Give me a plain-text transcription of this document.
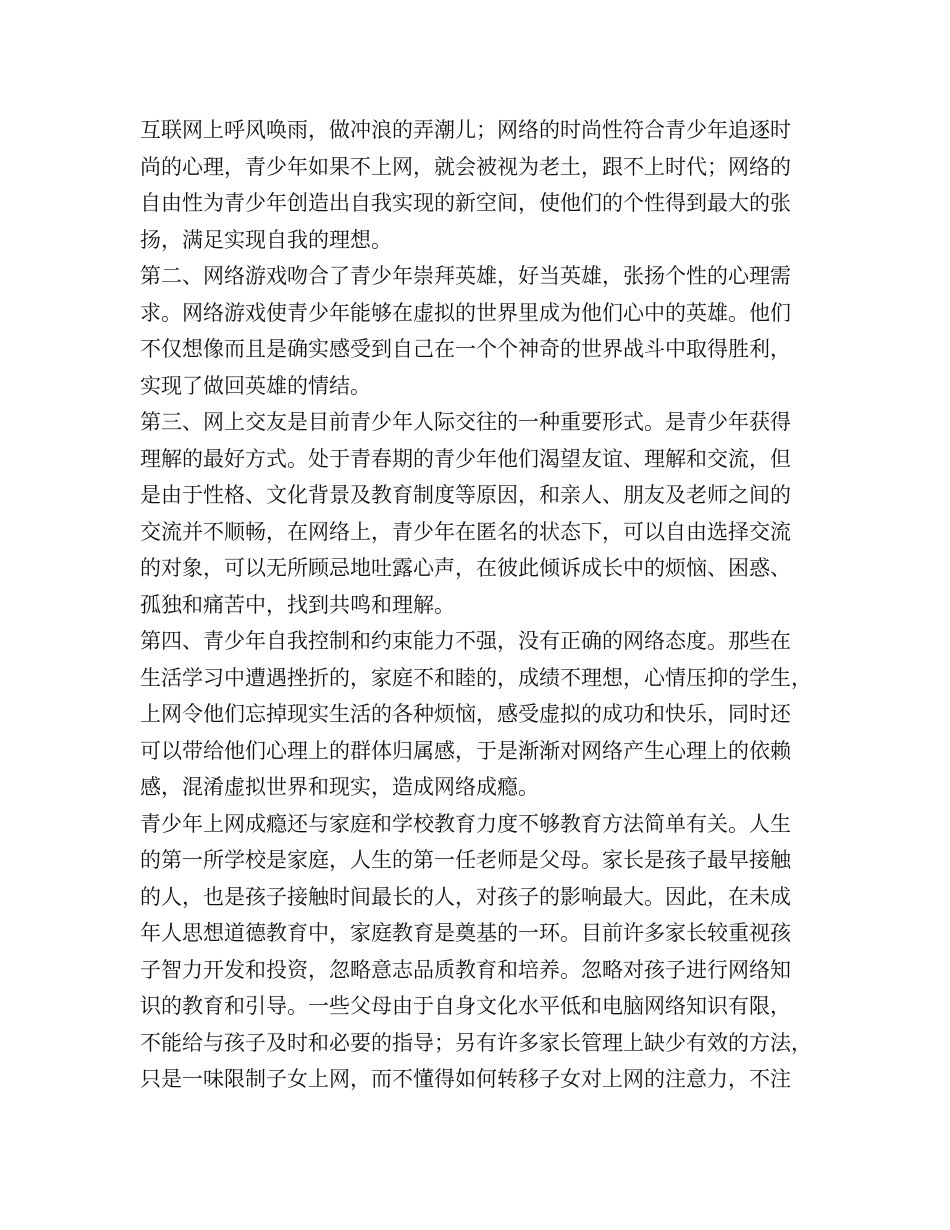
互联网上呼风唤雨，做冲浪的弄潮儿；网络的时尚性符合青少年追逐时
尚的心理，青少年如果不上网，就会被视为老土，跟不上时代；网络的
自由性为青少年创造出自我实现的新空间，使他们的个性得到最大的张
扬，满足实现自我的理想。
第二、网络游戏吻合了青少年崇拜英雄，好当英雄，张扬个性的心理需
求。网络游戏使青少年能够在虚拟的世界里成为他们心中的英雄。他们
不仅想像而且是确实感受到自己在一个个神奇的世界战斗中取得胜利，
实现了做回英雄的情结。
第三、网上交友是目前青少年人际交往的一种重要形式。是青少年获得
理解的最好方式。处于青春期的青少年他们渴望友谊、理解和交流，但
是由于性格、文化背景及教育制度等原因，和亲人、朋友及老师之间的
交流并不顺畅，在网络上，青少年在匿名的状态下，可以自由选择交流
的对象，可以无所顾忌地吐露心声，在彼此倾诉成长中的烦恼、困惑、
孤独和痛苦中，找到共鸣和理解。
第四、青少年自我控制和约束能力不强，没有正确的网络态度。那些在
生活学习中遭遇挫折的，家庭不和睦的，成绩不理想，心情压抑的学生，
上网令他们忘掉现实生活的各种烦恼，感受虚拟的成功和快乐，同时还
可以带给他们心理上的群体归属感，于是渐渐对网络产生心理上的依赖
感，混淆虚拟世界和现实，造成网络成瘾。
青少年上网成瘾还与家庭和学校教育力度不够教育方法简单有关。人生
的第一所学校是家庭，人生的第一任老师是父母。家长是孩子最早接触
的人，也是孩子接触时间最长的人，对孩子的影响最大。因此，在未成
年人思想道德教育中，家庭教育是奠基的一环。目前许多家长较重视孩
子智力开发和投资，忽略意志品质教育和培养。忽略对孩子进行网络知
识的教育和引导。一些父母由于自身文化水平低和电脑网络知识有限，
不能给与孩子及时和必要的指导；另有许多家长管理上缺少有效的方法，
只是一味限制子女上网，而不懂得如何转移子女对上网的注意力，不注
